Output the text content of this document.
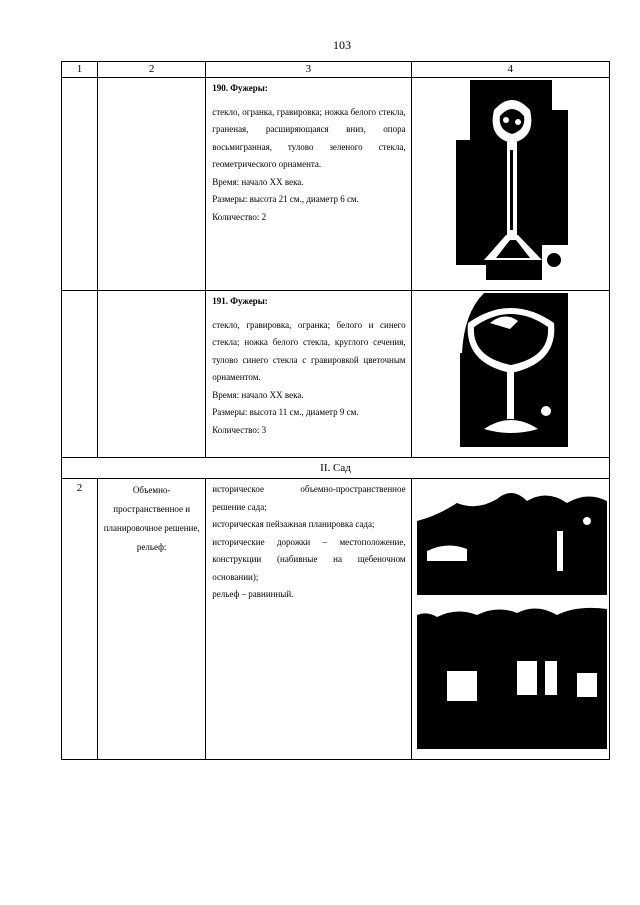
103
1	2	3	4

		190. Фужеры:

стекло, огранка, гравировка; ножка белого стекла, граненая, расширяющаяся вниз, опора восьмигранная, тулово зеленого стекла, геометрического орнамента.

Время: начало XX века.

Размеры: высота 21 см., диаметр 6 см.

Количество: 2

		191. Фужеры:

стекло, гравировка, огранка; белого и синего стекла; ножка белого стекла, круглого сечения, тулово синего стекла с гравировкой цветочным орнаментом.

Время: начало XX века.

Размеры: высота 11 см., диаметр 9 см.

Количество: 3

II. Сад			
2	Объемно-пространственное и планировочное решение, рельеф:	историческое объемно-пространственное решение сада;

историческая пейзажная планировка сада;

исторические дорожки – местоположение, конструкции (набивные на щебеночном основании);

рельеф – равнинный.
